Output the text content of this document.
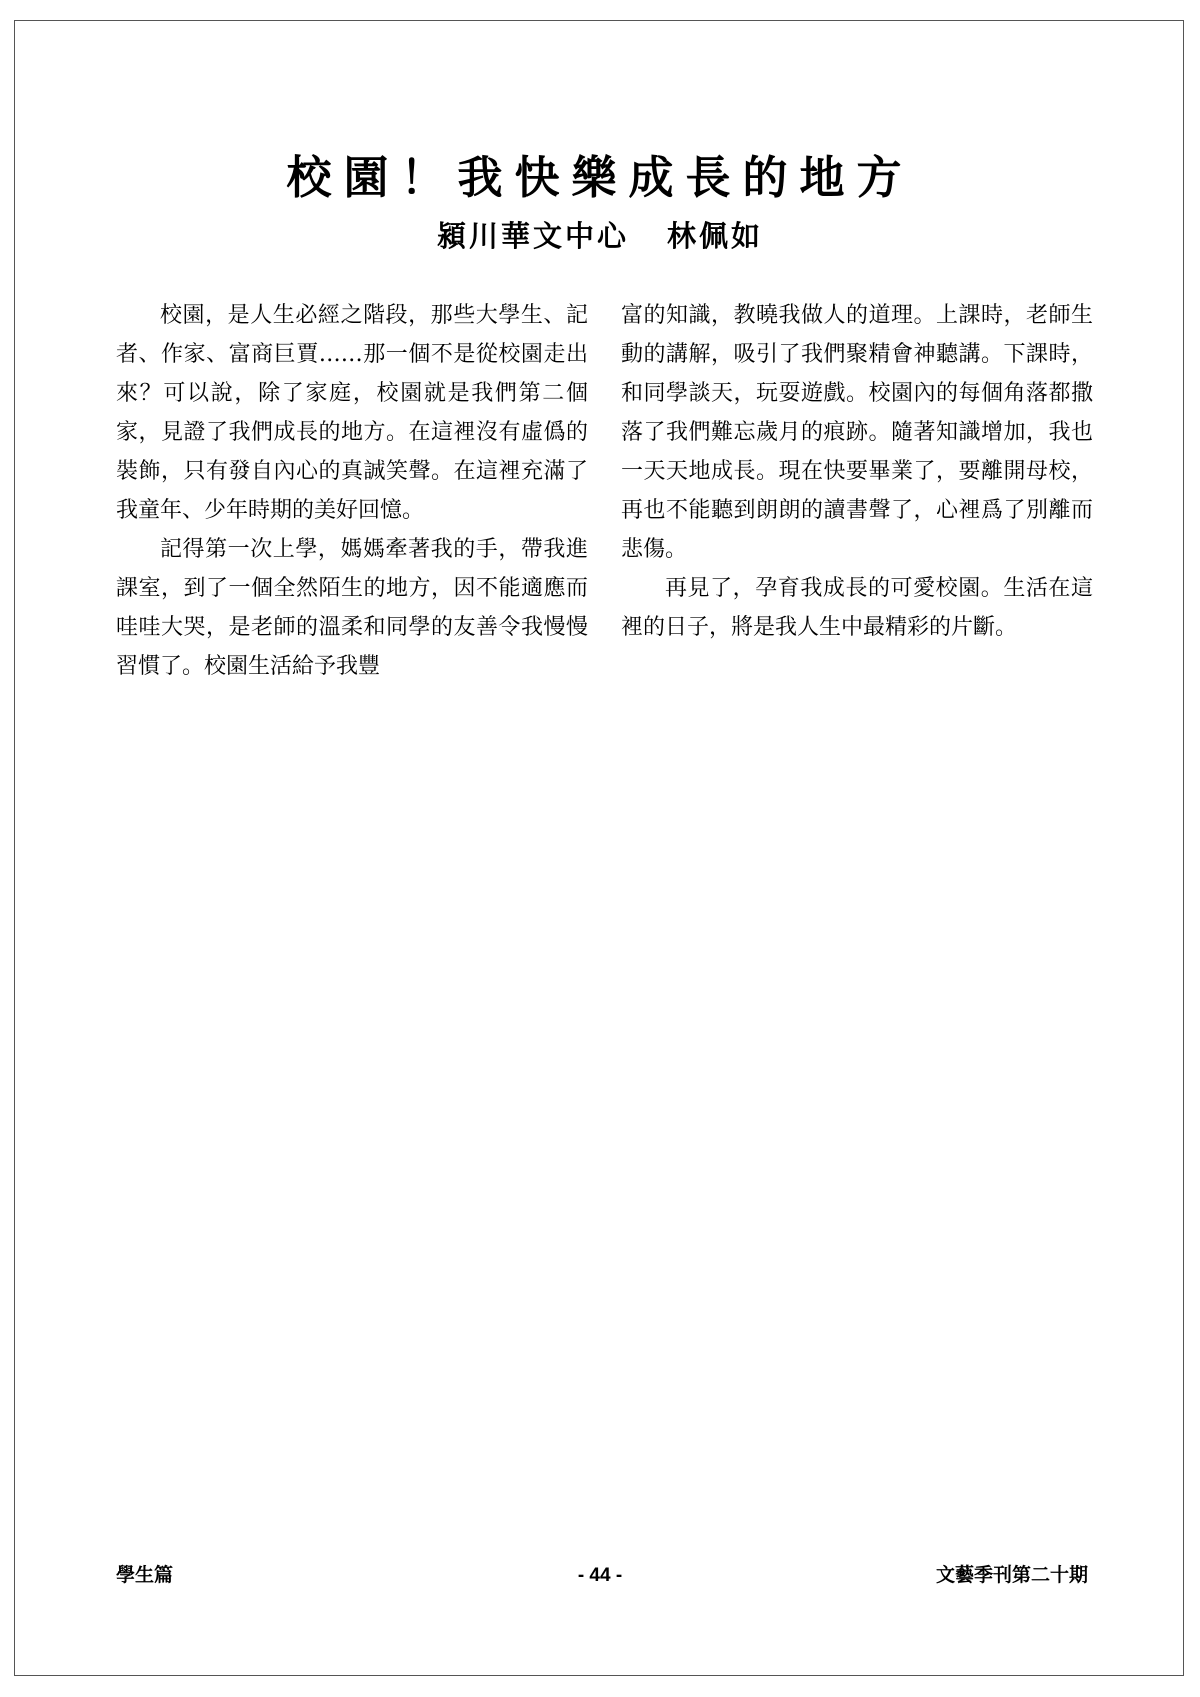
校園！我快樂成長的地方
潁川華文中心 林佩如

校園，是人生必經之階段，那些大學生、記者、作家、富商巨賈……那一個不是從校園走出來？可以說，除了家庭，校園就是我們第二個家，見證了我們成長的地方。在這裡沒有虛僞的裝飾，只有發自內心的真誠笑聲。在這裡充滿了我童年、少年時期的美好回憶。

記得第一次上學，媽媽牽著我的手，帶我進課室，到了一個全然陌生的地方，因不能適應而哇哇大哭，是老師的溫柔和同學的友善令我慢慢習慣了。校園生活給予我豐

富的知識，教曉我做人的道理。上課時，老師生動的講解，吸引了我們聚精會神聽講。下課時，和同學談天，玩耍遊戲。校園內的每個角落都撒落了我們難忘歲月的痕跡。隨著知識增加，我也一天天地成長。現在快要畢業了，要離開母校，再也不能聽到朗朗的讀書聲了，心裡爲了別離而悲傷。

再見了，孕育我成長的可愛校園。生活在這裡的日子，將是我人生中最精彩的片斷。

學生篇	- 44 -	文藝季刊第二十期
